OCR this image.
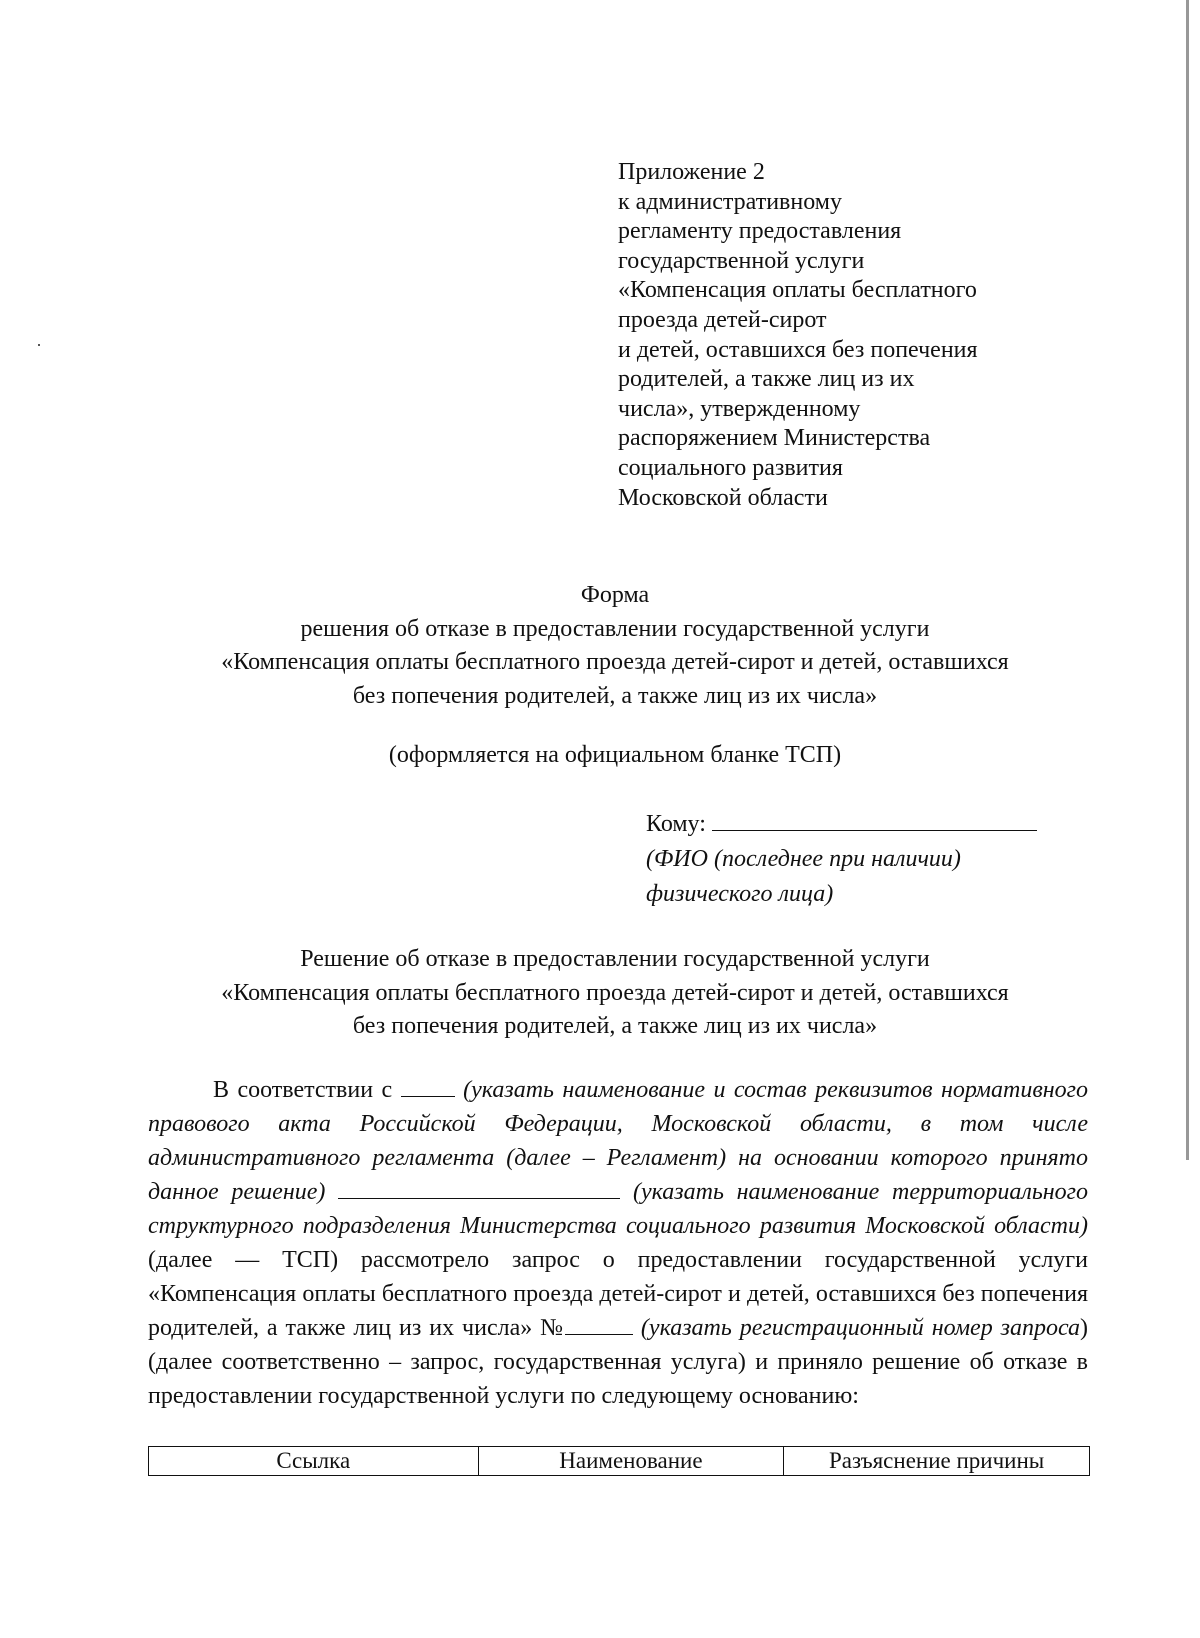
Приложение 2
к административному
регламенту предоставления
государственной услуги
«Компенсация оплаты бесплатного
проезда детей-сирот
и детей, оставшихся без попечения
родителей, а также лиц из их
числа», утвержденному
распоряжением Министерства
социального развития
Московской области
Форма
решения об отказе в предоставлении государственной услуги
«Компенсация оплаты бесплатного проезда детей-сирот и детей, оставшихся
без попечения родителей, а также лиц из их числа»
(оформляется на официальном бланке ТСП)
Кому:
(ФИО (последнее при наличии)
физического лица)
Решение об отказе в предоставлении государственной услуги
«Компенсация оплаты бесплатного проезда детей-сирот и детей, оставшихся
без попечения родителей, а также лиц из их числа»

В соответствии с	(указать наименование и состав реквизитов нормативного правового акта Российской Федерации, Московской области, в том числе административного регламента (далее – Регламент) на основании которого принято данное решение)	(указать наименование территориального структурного подразделения Министерства социального развития Московской области) (далее — ТСП) рассмотрело запрос о предоставлении государственной услуги «Компенсация оплаты бесплатного проезда детей-сирот и детей, оставшихся без попечения родителей, а также лиц из их числа» №	(указать регистрационный номер запроса) (далее соответственно – запрос, государственная услуга) и приняло решение об отказе в предоставлении государственной услуги по следующему основанию:

Ссылка	Наименование	Разъяснение причины
